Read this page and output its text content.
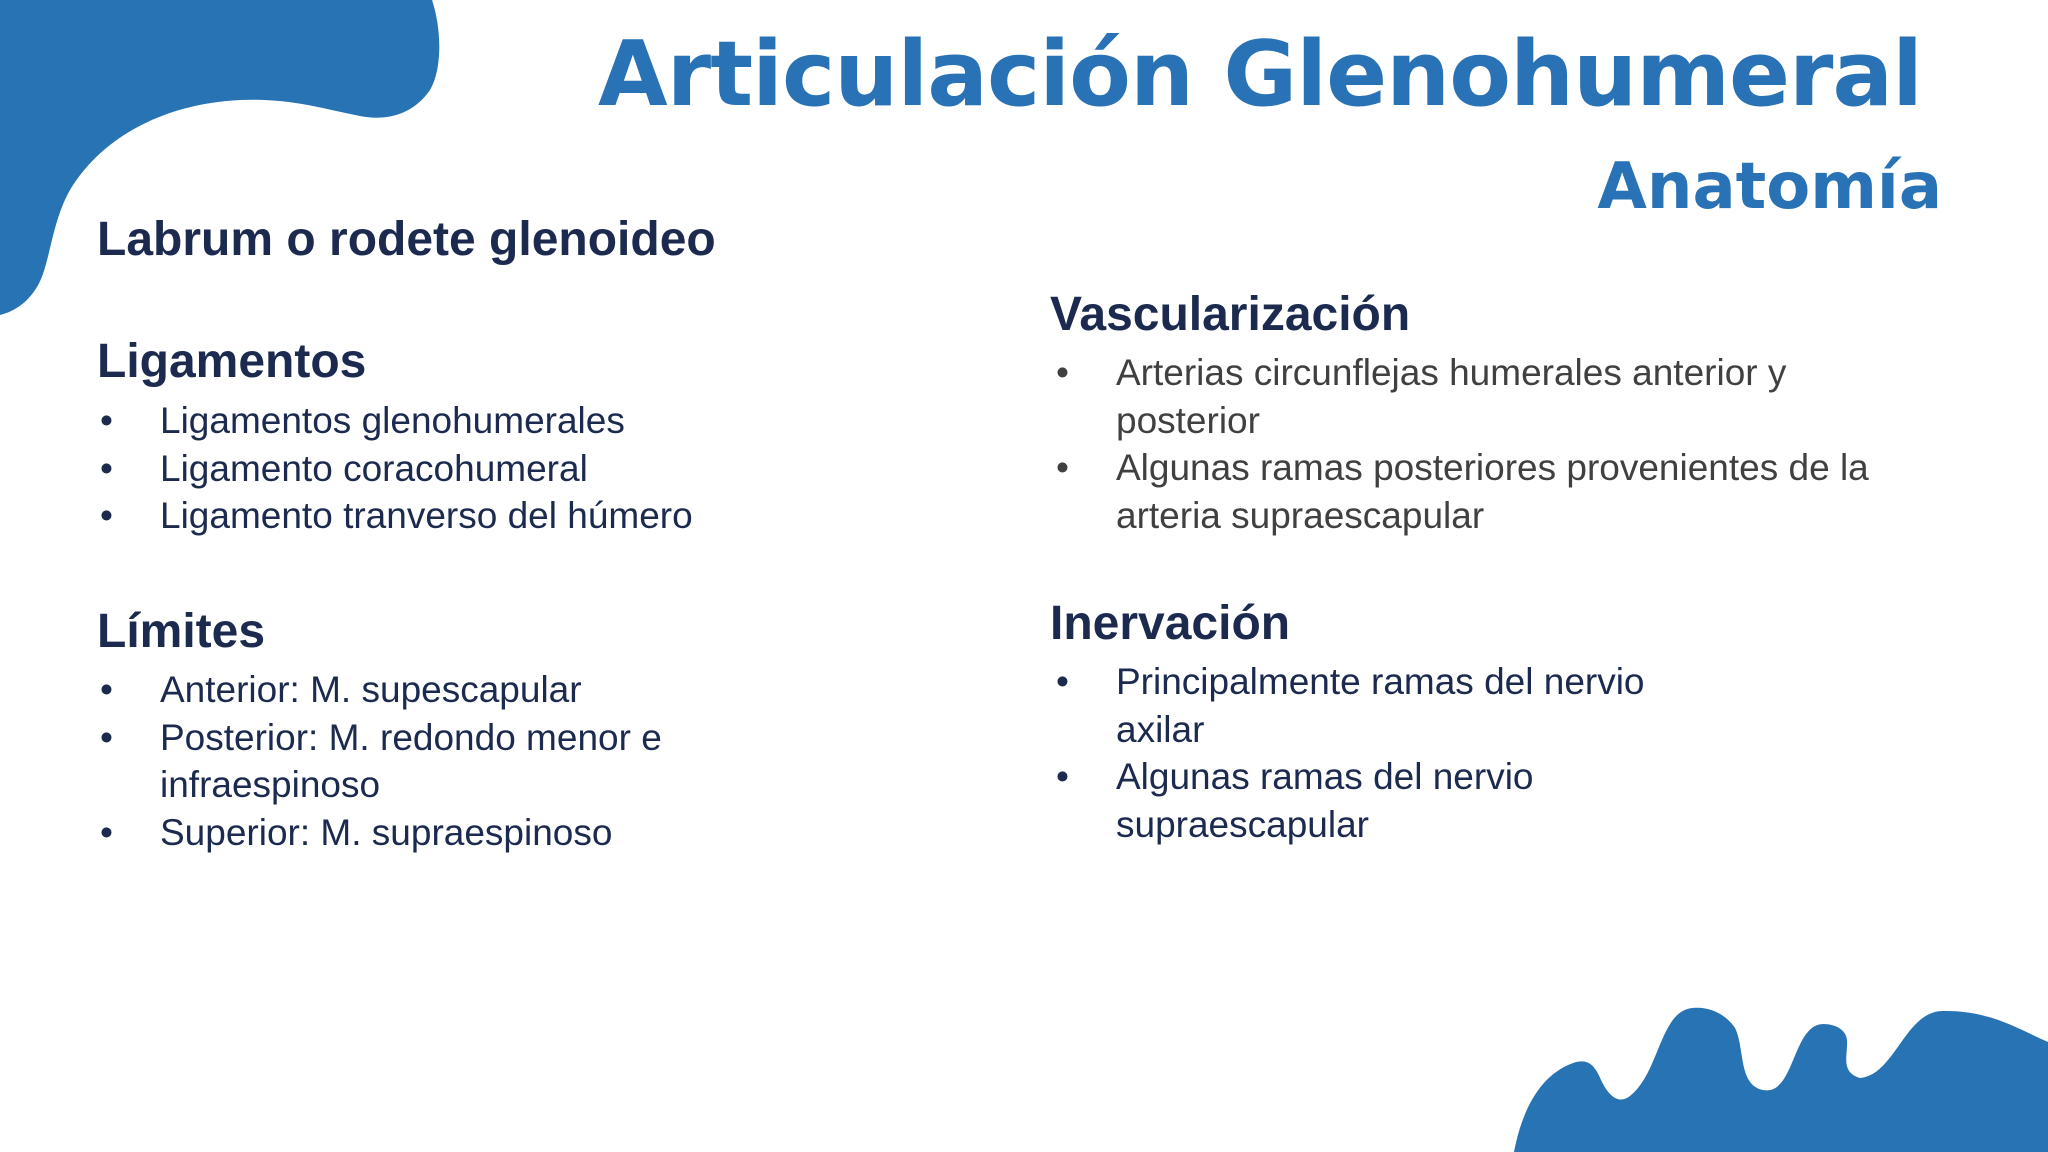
Articulación Glenohumeral
Anatomía
Labrum o rodete glenoideo
Ligamentos
• Ligamentos glenohumerales
• Ligamento coracohumeral
• Ligamento tranverso del húmero
Límites
• Anterior: M. supescapular
• Posterior: M. redondo menor e infraespinoso
• Superior: M. supraespinoso
Vascularización
• Arterias circunflejas humerales anterior y posterior
• Algunas ramas posteriores provenientes de la arteria supraescapular
Inervación
• Principalmente ramas del nervio axilar
• Algunas ramas del nervio supraescapular
